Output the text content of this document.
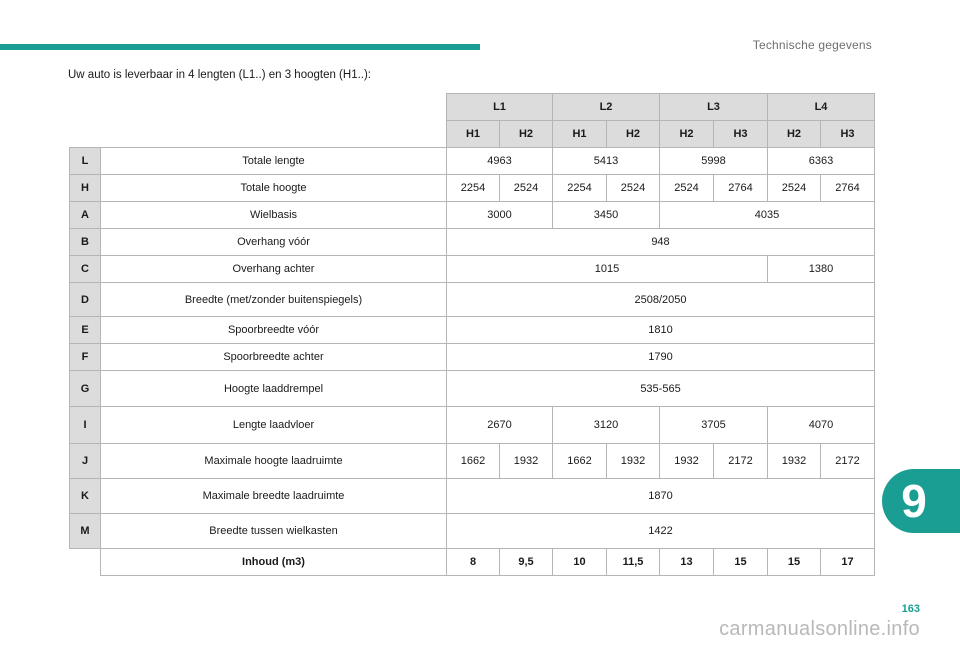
Technische gegevens
Uw auto is leverbaar in 4 lengten (L1..) en 3 hoogten (H1..):
		L1		L2		L3		L4	
		H1	H2	H1	H2	H2	H3	H2	H3
L	Totale lengte	4963		5413		5998		6363	
H	Totale hoogte	2254	2524	2254	2524	2524	2764	2524	2764
A	Wielbasis	3000		3450		4035			
B	Overhang vóór	948							
C	Overhang achter	1015						1380	
D	Breedte (met/zonder buitenspiegels)	2508/2050							
E	Spoorbreedte vóór	1810							
F	Spoorbreedte achter	1790							
G	Hoogte laaddrempel	535-565							
I	Lengte laadvloer	2670		3120		3705		4070	
J	Maximale hoogte laadruimte	1662	1932	1662	1932	1932	2172	1932	2172
K	Maximale breedte laadruimte	1870							
M	Breedte tussen wielkasten	1422							
	Inhoud (m3)	8	9,5	10	11,5	13	15	15	17
9
163
carmanualsonline.info
